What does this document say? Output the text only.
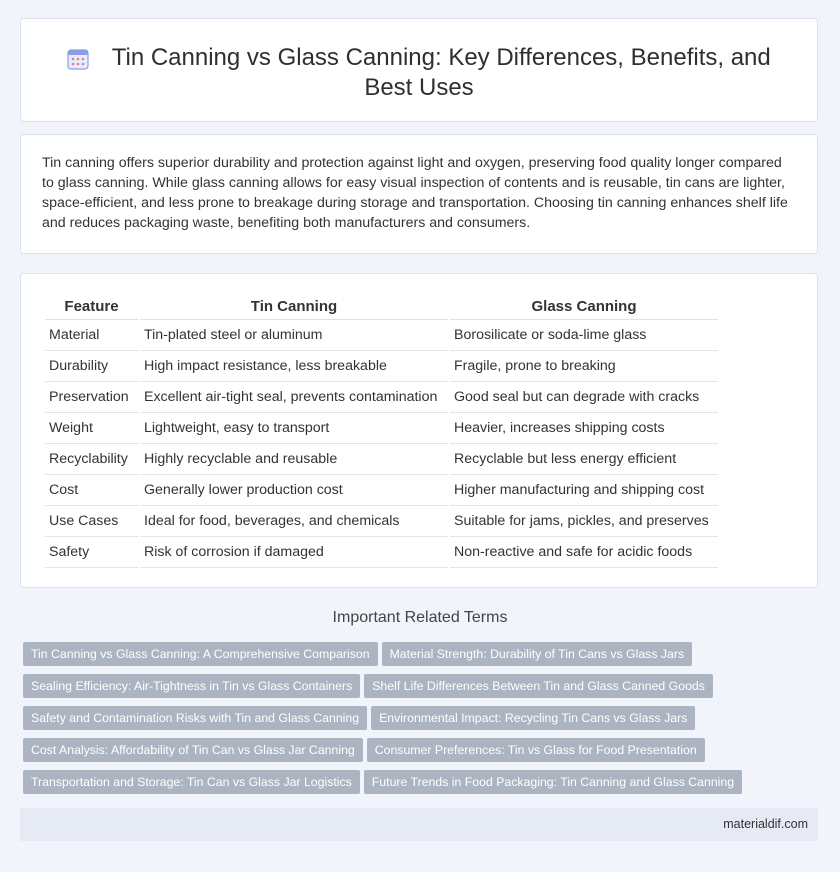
Tin Canning vs Glass Canning: Key Differences, Benefits, and Best Uses

Tin canning offers superior durability and protection against light and oxygen, preserving food quality longer compared to glass canning. While glass canning allows for easy visual inspection of contents and is reusable, tin cans are lighter, space-efficient, and less prone to breakage during storage and transportation. Choosing tin canning enhances shelf life and reduces packaging waste, benefiting both manufacturers and consumers.

Feature	Tin Canning	Glass Canning
Material	Tin-plated steel or aluminum	Borosilicate or soda-lime glass
Durability	High impact resistance, less breakable	Fragile, prone to breaking
Preservation	Excellent air-tight seal, prevents contamination	Good seal but can degrade with cracks
Weight	Lightweight, easy to transport	Heavier, increases shipping costs
Recyclability	Highly recyclable and reusable	Recyclable but less energy efficient
Cost	Generally lower production cost	Higher manufacturing and shipping cost
Use Cases	Ideal for food, beverages, and chemicals	Suitable for jams, pickles, and preserves
Safety	Risk of corrosion if damaged	Non-reactive and safe for acidic foods
Important Related Terms
Tin Canning vs Glass Canning: A Comprehensive Comparison Material Strength: Durability of Tin Cans vs Glass Jars
Sealing Efficiency: Air-Tightness in Tin vs Glass Containers Shelf Life Differences Between Tin and Glass Canned Goods
Safety and Contamination Risks with Tin and Glass Canning Environmental Impact: Recycling Tin Cans vs Glass Jars
Cost Analysis: Affordability of Tin Can vs Glass Jar Canning Consumer Preferences: Tin vs Glass for Food Presentation
Transportation and Storage: Tin Can vs Glass Jar Logistics Future Trends in Food Packaging: Tin Canning and Glass Canning
materialdif.com
